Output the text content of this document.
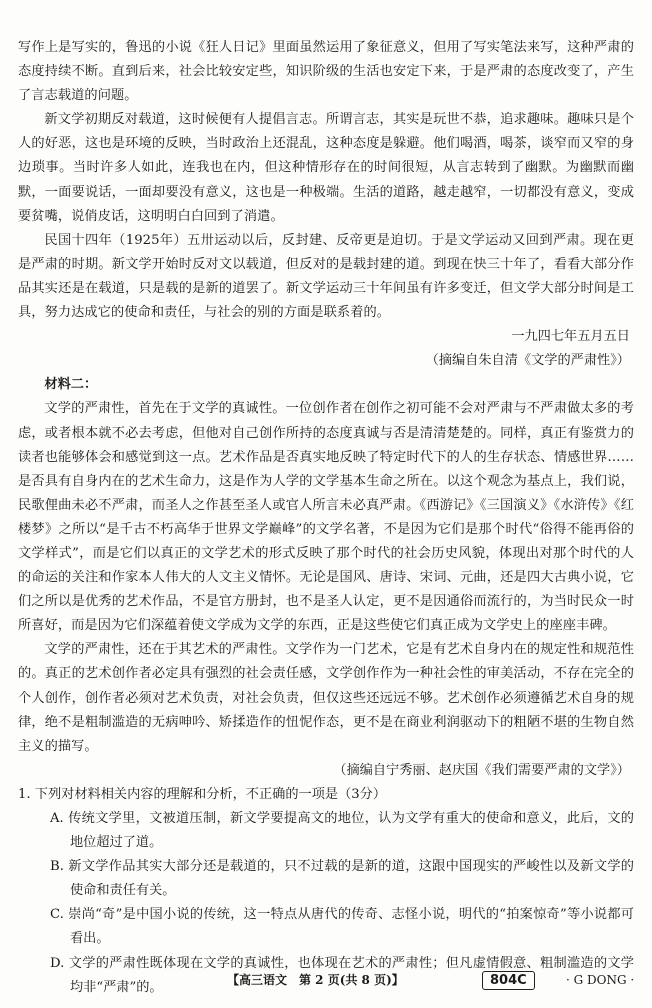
写作上是写实的，鲁迅的小说《狂人日记》里面虽然运用了象征意义，但用了写实笔法来写，这种严肃的态度持续不断。直到后来，社会比较安定些，知识阶级的生活也安定下来，于是严肃的态度改变了，产生了言志载道的问题。

新文学初期反对载道，这时候便有人提倡言志。所谓言志，其实是玩世不恭，追求趣味。趣味只是个人的好恶，这也是环境的反映，当时政治上还混乱，这种态度是躲避。他们喝酒，喝茶，谈窄而又窄的身边琐事。当时许多人如此，连我也在内，但这种情形存在的时间很短，从言志转到了幽默。为幽默而幽默，一面要说话，一面却要没有意义，这也是一种极端。生活的道路，越走越窄，一切都没有意义，变成要贫嘴，说俏皮话，这明明白白回到了消遣。

民国十四年（1925年）五卅运动以后，反封建、反帝更是迫切。于是文学运动又回到严肃。现在更是严肃的时期。新文学开始时反对文以载道，但反对的是载封建的道。到现在快三十年了，看看大部分作品其实还是在载道，只是载的是新的道罢了。新文学运动三十年间虽有许多变迁，但文学大部分时间是工具，努力达成它的使命和责任，与社会的别的方面是联系着的。

一九四七年五月五日

（摘编自朱自清《文学的严肃性》）

材料二：

文学的严肃性，首先在于文学的真诚性。一位创作者在创作之初可能不会对严肃与不严肃做太多的考虑，或者根本就不必去考虑，但他对自己创作所持的态度真诚与否是清清楚楚的。同样，真正有鉴赏力的读者也能够体会和感觉到这一点。艺术作品是否真实地反映了特定时代下的人的生存状态、情感世界……是否具有自身内在的艺术生命力，这是作为人学的文学基本生命之所在。以这个观念为基点上，我们说，民歌俚曲未必不严肃，而圣人之作甚至圣人或官人所言未必真严肃。《西游记》《三国演义》《水浒传》《红楼梦》之所以“是千古不朽高华于世界文学巅峰”的文学名著，不是因为它们是那个时代“俗得不能再俗的文学样式”，而是它们以真正的文学艺术的形式反映了那个时代的社会历史风貌，体现出对那个时代的人的命运的关注和作家本人伟大的人文主义情怀。无论是国风、唐诗、宋词、元曲，还是四大古典小说，它们之所以是优秀的艺术作品，不是官方册封，也不是圣人认定，更不是因通俗而流行的，为当时民众一时所喜好，而是因为它们深蕴着使文学成为文学的东西，正是这些使它们真正成为文学史上的座座丰碑。

文学的严肃性，还在于其艺术的严肃性。文学作为一门艺术，它是有艺术自身内在的规定性和规范性的。真正的艺术创作者必定具有强烈的社会责任感，文学创作作为一种社会性的审美活动，不存在完全的个人创作，创作者必须对艺术负责，对社会负责，但仅这些还远远不够。艺术创作必须遵循艺术自身的规律，绝不是粗制滥造的无病呻吟、矫揉造作的忸怩作态，更不是在商业利润驱动下的粗陋不堪的生物自然主义的描写。

（摘编自宁秀丽、赵庆国《我们需要严肃的文学》）

1. 下列对材料相关内容的理解和分析，不正确的一项是（3分）

A. 传统文学里，文被道压制，新文学要提高文的地位，认为文学有重大的使命和意义，此后，文的地位超过了道。
B. 新文学作品其实大部分还是载道的，只不过载的是新的道，这跟中国现实的严峻性以及新文学的使命和责任有关。
C. 崇尚“奇”是中国小说的传统，这一特点从唐代的传奇、志怪小说，明代的“拍案惊奇”等小说都可看出。
D. 文学的严肃性既体现在文学的真诚性，也体现在艺术的严肃性；但凡虚情假意、粗制滥造的文学均非“严肃”的。	【高三语文　第 2 页(共 8 页)】	804C	· G DONG ·
